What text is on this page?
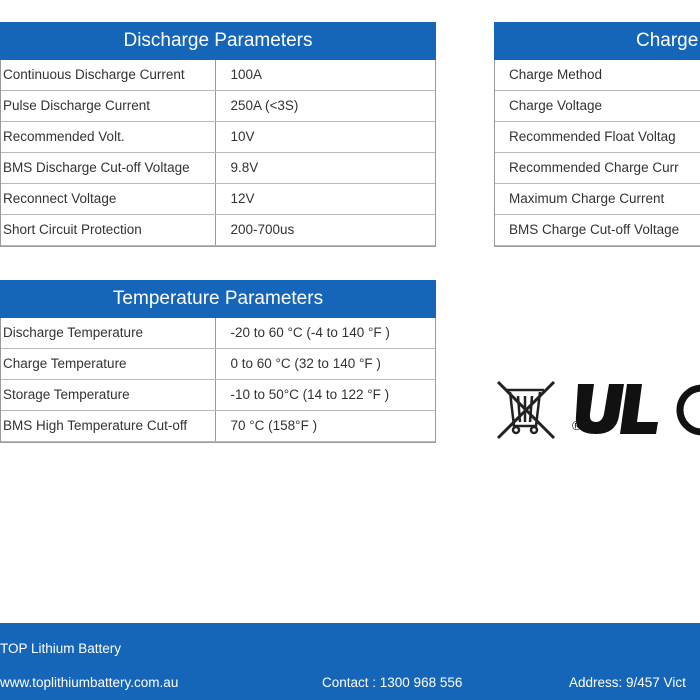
Discharge Parameters
Continuous Discharge Current	100A
Pulse Discharge Current	250A (<3S)
Recommended Volt.	10V
BMS Discharge Cut-off Voltage	9.8V
Reconnect Voltage	12V
Short Circuit Protection	200-700us
Charge
Charge Method
Charge Voltage
Recommended Float Voltag
Recommended Charge Curr
Maximum Charge Current
BMS Charge Cut-off Voltage
Temperature Parameters
Discharge Temperature	-20 to 60 °C (-4 to 140 °F )
Charge Temperature	0 to 60 °C (32 to 140 °F )
Storage Temperature	-10 to 50°C (14 to 122 °F )
BMS High Temperature Cut-off	70 °C (158°F )	®
TOP Lithium Battery
www.toplithiumbattery.com.au	Contact : 1300 968 556	Address: 9/457 Vict
